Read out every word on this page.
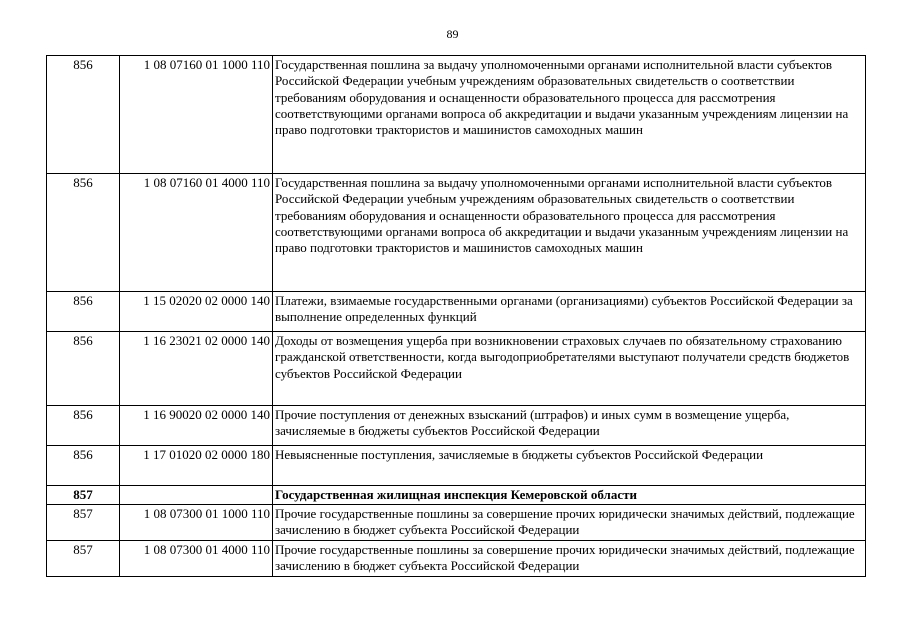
89
856	1 08 07160 01 1000 110	Государственная пошлина за выдачу уполномоченными органами исполнительной власти субъектов Российской Федерации учебным учреждениям образовательных свидетельств о соответствии требованиям оборудования и оснащенности образовательного процесса для рассмотрения соответствующими органами вопроса об аккредитации и выдачи указанным учреждениям лицензии на право подготовки трактористов и машинистов самоходных машин
856	1 08 07160 01 4000 110	Государственная пошлина за выдачу уполномоченными органами исполнительной власти субъектов Российской Федерации учебным учреждениям образовательных свидетельств о соответствии требованиям оборудования и оснащенности образовательного процесса для рассмотрения соответствующими органами вопроса об аккредитации и выдачи указанным учреждениям лицензии на право подготовки трактористов и машинистов самоходных машин
856	1 15 02020 02 0000 140	Платежи, взимаемые государственными органами (организациями) субъектов Российской Федерации за выполнение определенных функций
856	1 16 23021 02 0000 140	Доходы от возмещения ущерба при возникновении страховых случаев по обязательному страхованию гражданской ответственности, когда выгодоприобретателями выступают получатели средств бюджетов субъектов Российской Федерации
856	1 16 90020 02 0000 140	Прочие поступления от денежных взысканий (штрафов) и иных сумм в возмещение ущерба, зачисляемые в бюджеты субъектов Российской Федерации
856	1 17 01020 02 0000 180	Невыясненные поступления, зачисляемые в бюджеты субъектов Российской Федерации
857		Государственная жилищная инспекция Кемеровской области
857	1 08 07300 01 1000 110	Прочие государственные пошлины за совершение прочих юридически значимых действий, подлежащие зачислению в бюджет субъекта Российской Федерации
857	1 08 07300 01 4000 110	Прочие государственные пошлины за совершение прочих юридически значимых действий, подлежащие зачислению в бюджет субъекта Российской Федерации
